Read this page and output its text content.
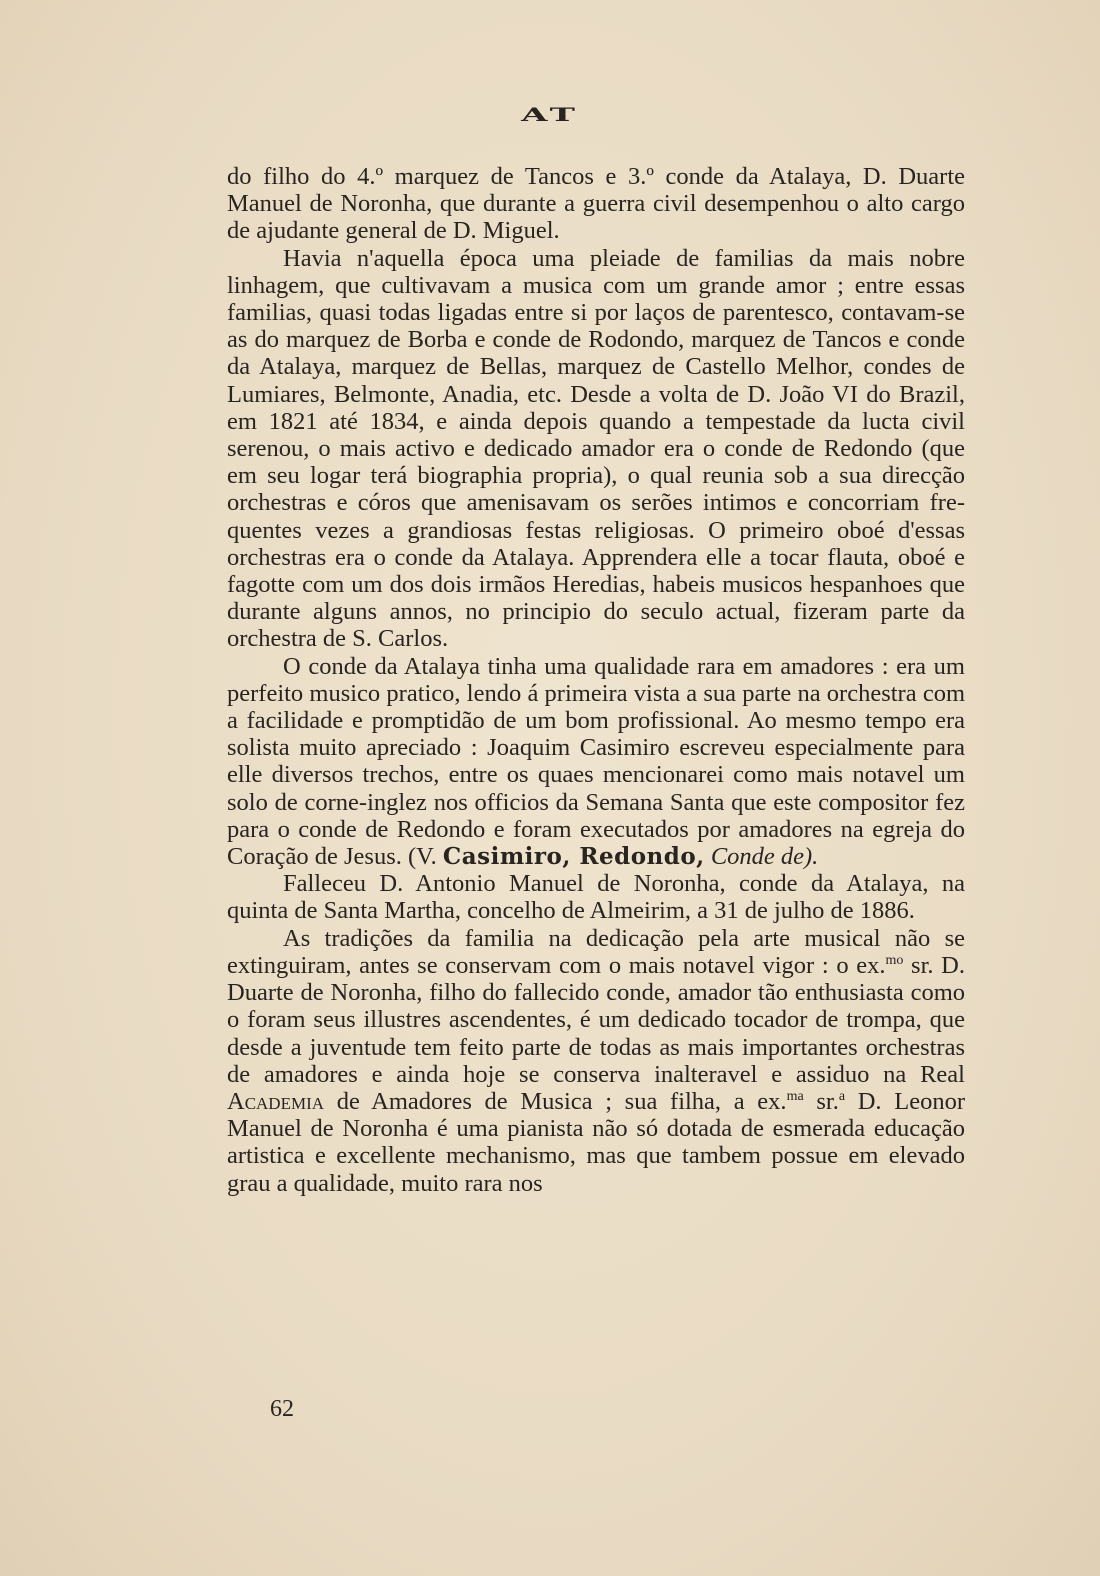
AT

do filho do 4.º marquez de Tancos e 3.º conde da Atalaya, D. Duarte Manuel de Noronha, que durante a guerra civil desempenhou o alto cargo de ajudante general de D. Miguel.

Havia n'aquella época uma pleiade de familias da mais nobre linhagem, que cultivavam a musica com um grande amor ; entre essas familias, quasi todas ligadas entre si por laços de parentesco, contavam-se as do marquez de Borba e conde de Rodondo, marquez de Tancos e conde da Atalaya, marquez de Bellas, marquez de Castello Melhor, condes de Lumiares, Belmonte, Anadia, etc. Desde a volta de D. João VI do Brazil, em 1821 até 1834, e ainda depois quando a tempestade da lucta civil serenou, o mais activo e dedicado amador era o conde de Redondo (que em seu logar terá biographia propria), o qual reunia sob a sua direcção orchestras e córos que amenisavam os serões intimos e concorriam frequentes vezes a grandiosas festas religiosas. O primeiro oboé d'essas orchestras era o conde da Atalaya. Apprendera elle a tocar flauta, oboé e fagotte com um dos dois irmãos Heredias, habeis musicos hespanhoes que durante alguns annos, no principio do seculo actual, fizeram parte da orchestra de S. Carlos.

O conde da Atalaya tinha uma qualidade rara em amadores : era um perfeito musico pratico, lendo á primeira vista a sua parte na orchestra com a facilidade e promptidão de um bom profissional. Ao mesmo tempo era solista muito apreciado : Joaquim Casimiro escreveu especialmente para elle diversos trechos, entre os quaes mencionarei como mais notavel um solo de corne-inglez nos officios da Semana Santa que este compositor fez para o conde de Redondo e foram executados por amadores na egreja do Coração de Jesus. (V. Casimiro, Redondo, Conde de).

Falleceu D. Antonio Manuel de Noronha, conde da Atalaya, na quinta de Santa Martha, concelho de Almeirim, a 31 de julho de 1886.

As tradições da familia na dedicação pela arte musical não se extinguiram, antes se conservam com o mais notavel vigor : o ex.$^{mo}$ sr. D. Duarte de Noronha, filho do fallecido conde, amador tão enthusiasta como o foram seus illustres ascendentes, é um dedicado tocador de trompa, que desde a juventude tem feito parte de todas as mais importantes orchestras de amadores e ainda hoje se conserva inalteravel e assiduo na Real Academia de Amadores de Musica ; sua filha, a ex.$^{ma}$ sr.$^a$ D. Leonor Manuel de Noronha é uma pianista não só dotada de esmerada educação artistica e excellente mechanismo, mas que tambem possue em elevado grau a qualidade, muito rara nos

62
